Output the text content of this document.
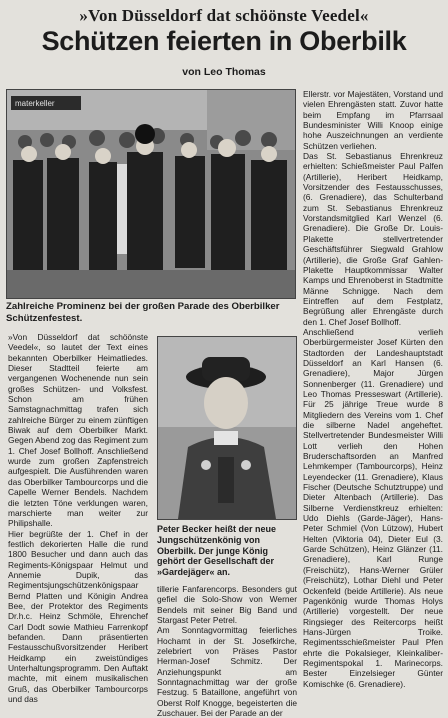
»Von Düsseldorf dat schöönste Veedel«
Schützen feierten in Oberbilk
von Leo Thomas
materkeller
Zahlreiche Prominenz bei der großen Parade des Oberbilker Schützenfestest.
Peter Becker heißt der neue Jungschützenkönig von Oberbilk. Der junge König gehört der Gesellschaft der »Gardejäger« an.
»Von Düsseldorf dat schöönste Veedel«, so lautet der Text eines bekannten Oberbilker Heimatliedes. Dieser Stadtteil feierte am vergangenen Wochenende nun sein großes Schützen- und Volksfest. Schon am frühen Samstagnachmittag trafen sich zahlreiche Bürger zu einem zünftigen Biwak auf dem Oberbilker Markt. Gegen Abend zog das Regiment zum 1. Chef Josef Bollhoff. Anschließend wurde zum großen Zapfenstreich aufgespielt. Die Ausführenden waren das Oberbilker Tambourcorps und die Capelle Werner Bendels. Nachdem die letzten Töne verklungen waren, marschierte man weiter zur Philipshalle.
Hier begrüßte der 1. Chef in der festlich dekorierten Halle die rund 1800 Besucher und dann auch das Regiments-Königspaar Helmut und Annemie Dupik, das Regimentsjungschützenkönigspaar Bernd Platten und Königin Andrea Bee, der Protektor des Regiments Dr.h.c. Heinz Schmöle, Ehrenchef Carl Dodt sowie Mathieu Farrenkopf befanden. Dann präsentierten Festausschußvorsitzender Heribert Heidkamp ein zweistündiges Unterhaltungsprogramm. Den Auftakt machte, mit einem musikalischen Gruß, das Oberbilker Tambourcorps und das
tillerie Fanfarencorps. Besonders gut gefiel die Solo-Show von Werner Bendels mit seiner Big Band und Stargast Peter Petrel.
Am Sonntagvormittag feierliches Hochamt in der St. Josefkirche, zelebriert von Präses Pastor Herman-Josef Schmitz. Der Anziehungspunkt am Sonntagnachmittag war der große Festzug. 5 Bataillone, angeführt von Oberst Rolf Knogge, begeisterten die Zuschauer. Bei der Parade an der
Ellerstr. vor Majestäten, Vorstand und vielen Ehrengästen statt. Zuvor hatte beim Empfang im Pfarrsaal Bundesminister Willi Knoop einige hohe Auszeichnungen an verdiente Schützen verliehen.
Das St. Sebastianus Ehrenkreuz erhielten: Schießmeister Paul Palfen (Artillerie), Heribert Heidkamp, Vorsitzender des Festausschusses, (6. Grenadiere), das Schulterband zum St. Sebastianus Ehrenkreuz Vorstandsmitglied Karl Wenzel (6. Grenadiere). Die Große Dr. Louis-Plakette stellvertretender Geschäftsführer Siegwald Grahlow (Artillerie), die Große Graf Gahlen-Plakette Hauptkommissar Walter Kamps und Ehrenoberst in Stadtmitte Männe Schnigge. Nach dem Eintreffen auf dem Festplatz, Begrüßung aller Ehrengäste durch den 1. Chef Josef Bollhoff.
Anschließend verlieh Oberbürgermeister Josef Kürten den Stadtorden der Landeshauptstadt Düsseldorf an Karl Hansen (6. Grenadiere), Major Jürgen Sonnenberger (11. Grenadiere) und Leo Thomas Presseswart (Artillerie). Für 25 jährige Treue wurde 8 Mitgliedern des Vereins vom 1. Chef die silberne Nadel angeheftet. Stellvertretender Bundesmeister Willi Lott verlieh den Hohen Bruderschaftsorden an Manfred Lehmkemper (Tambourcorps), Heinz Leyendecker (11. Grenadiere), Klaus Fischer (Deutsche Schutztruppe) und Dieter Altenbach (Artillerie). Das Silberne Verdienstkreuz erhielten: Udo Diehls (Garde-Jäger), Hans-Peter Schmiel (Von Lützow), Hubert Helten (Viktoria 04), Dieter Eul (3. Garde Schützen), Heinz Glänzer (11. Grenadiere), Karl Runge (Freischütz), Hans-Werner Grüler (Freischütz), Lothar Diehl und Peter Ockenfeld (beide Artillerie). Als neue Pagenkönig wurde Thomas Holys (Artillerie) vorgestellt. Der neue Ringsieger des Reitercorps heißt Hans-Jürgen Troike. Regimentsschießmeister Paul Pfen ehrte die Pokalsieger, Kleinkaliber-Regimentspokal 1. Marinecorps. Bester Einzelsieger Günter Komischke (6. Grenadiere).
